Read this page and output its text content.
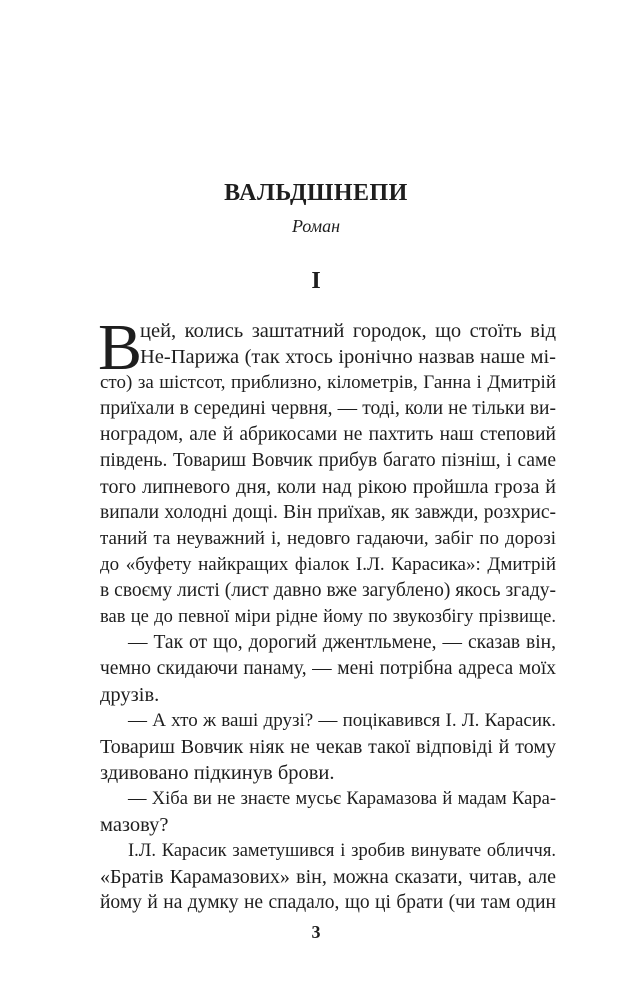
ВАЛЬДШНЕПИ
Роман
І
В
цей, колись заштатний городок, що стоїть від
Не-Парижа (так хтось іронічно назвав наше мі-
сто) за шістсот, приблизно, кілометрів, Ганна і Дмитрій
приїхали в середині червня, — тоді, коли не тільки ви-
ноградом, але й абрикосами не пахтить наш степовий
південь. Товариш Вовчик прибув багато пізніш, і саме
того липневого дня, коли над рікою пройшла гроза й
випали холодні дощі. Він приїхав, як завжди, розхрис-
таний та неуважний і, недовго гадаючи, забіг по дорозі
до «буфету найкращих фіалок І.Л. Карасика»: Дмитрій
в своєму листі (лист давно вже загублено) якось згаду-
вав це до певної міри рідне йому по звукозбігу прізвище.
— Так от що, дорогий джентльмене, — сказав він,
чемно скидаючи панаму, — мені потрібна адреса моїх
друзів.
— А хто ж ваші друзі? — поцікавився І. Л. Карасик.
Товариш Вовчик ніяк не чекав такої відповіді й тому
здивовано підкинув брови.
— Хіба ви не знаєте мусьє Карамазова й мадам Кара-
мазову?
І.Л. Карасик заметушився і зробив винувате обличчя.
«Братів Карамазових» він, можна сказати, читав, але
йому й на думку не спадало, що ці брати (чи там один
3
